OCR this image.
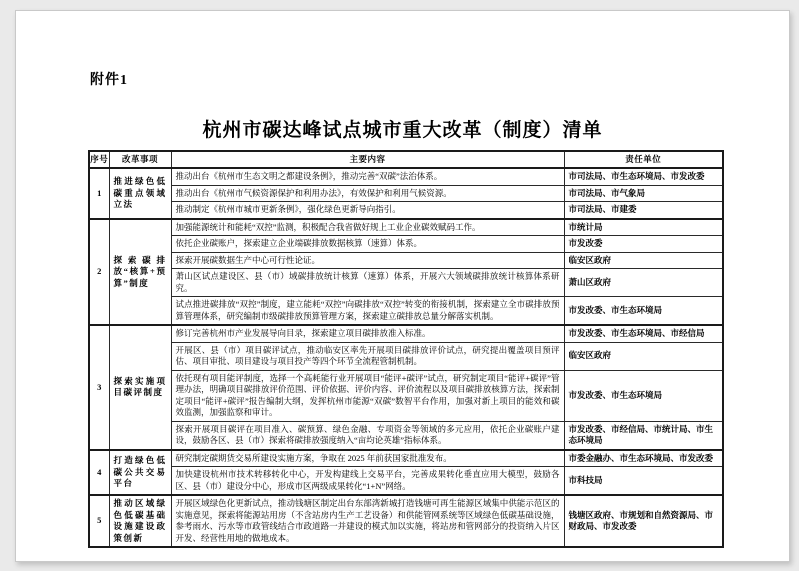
附件1
杭州市碳达峰试点城市重大改革（制度）清单
序号	改革事项	主要内容	责任单位
1	推进绿色低碳重点领域立法	推动出台《杭州市生态文明之都建设条例》，推动完善“双碳”法治体系。	市司法局、市生态环境局、市发改委
		推动出台《杭州市气候资源保护和利用办法》，有效保护和利用气候资源。	市司法局、市气象局
		推动制定《杭州市城市更新条例》，强化绿色更新导向指引。	市司法局、市建委
2	探索碳排放“核算+预算”制度	加强能源统计和能耗“双控”监测，积极配合我省做好规上工业企业碳效赋码工作。	市统计局
		依托企业碳账户，探索建立企业端碳排放数据核算（速算）体系。	市发改委
		探索开展碳数据生产中心可行性论证。	临安区政府
		萧山区试点建设区、县（市）域碳排放统计核算（速算）体系，开展六大领域碳排放统计核算体系研究。	萧山区政府
		试点推进碳排放“双控”制度，建立能耗“双控”向碳排放“双控”转变的衔接机制，探索建立全市碳排放预算管理体系，研究编制市级碳排放预算管理方案，探索建立碳排放总量分解落实机制。	市发改委、市生态环境局
3	探索实施项目碳评制度	修订完善杭州市产业发展导向目录，探索建立项目碳排放准入标准。	市发改委、市生态环境局、市经信局
		开展区、县（市）项目碳评试点，推动临安区率先开展项目碳排放评价试点，研究提出覆盖项目预评估、项目审批、项目建设与项目投产等四个环节全流程管制机制。	临安区政府
		依托现有项目能评制度，选择一个高耗能行业开展项目“能评+碳评”试点，研究制定项目“能评+碳评”管理办法，明确项目碳排放评价范围、评价依据、评价内容、评价流程以及项目碳排放核算方法，探索制定项目“能评+碳评”报告编制大纲，发挥杭州市能源“双碳”数智平台作用，加强对新上项目的能效和碳效监测，加强监察和审计。	市发改委、市生态环境局
		探索开展项目碳评在项目准入、碳预算、绿色金融、专项资金等领域的多元应用，依托企业碳账户建设，鼓励各区、县（市）探索将碳排放强度纳入“亩均论英雄”指标体系。	市发改委、市经信局、市统计局、市生态环境局
4	打造绿色低碳公共交易平台	研究制定碳期货交易所建设实施方案，争取在 2025 年前获国家批准发布。	市委金融办、市生态环境局、市发改委
		加快建设杭州市技术转移转化中心，开发构建线上交易平台，完善成果转化垂直应用大模型，鼓励各区、县（市）建设分中心，形成市区两级成果转化“1+N”网络。	市科技局
5	推动区域绿色低碳基础设施建设政策创新	开展区域绿色化更新试点，推动钱塘区制定出台东部湾新城打造钱塘可再生能源区域集中供能示范区的实施意见，探索将能源站用房（不含站房内生产工艺设备）和供能管网系统等区域绿色低碳基础设施，参考雨水、污水等市政管线结合市政道路一并建设的模式加以实施，将站房和管网部分的投资纳入片区开发、经营性用地的做地成本。	钱塘区政府、市规划和自然资源局、市财政局、市发改委
